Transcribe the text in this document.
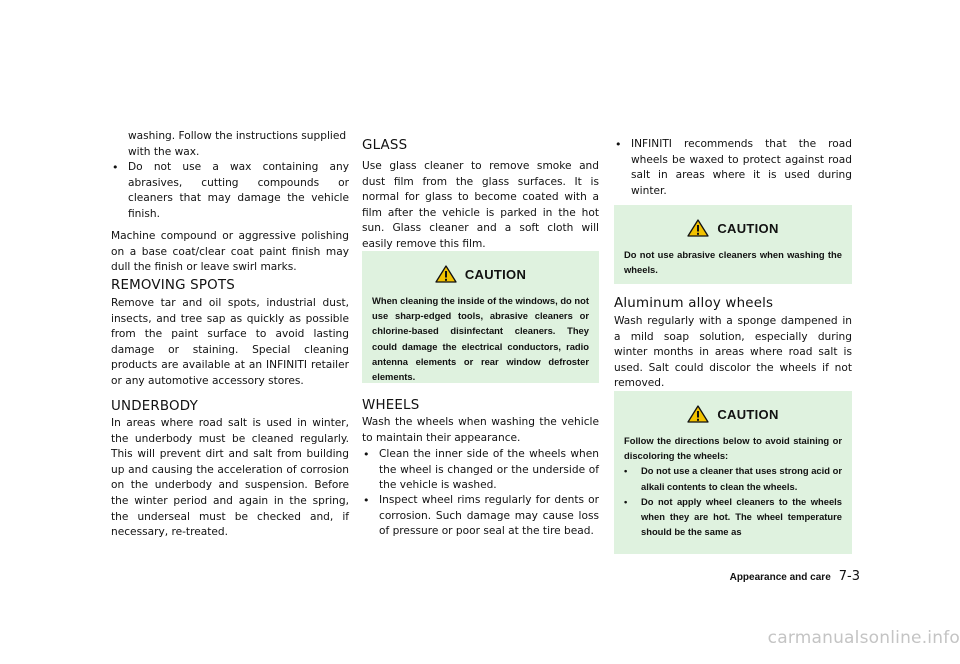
washing. Follow the instructions supplied with the wax.
• Do not use a wax containing any abrasives, cutting compounds or cleaners that may damage the vehicle finish.
Machine compound or aggressive polishing on a base coat/clear coat paint finish may dull the finish or leave swirl marks.
REMOVING SPOTS
Remove tar and oil spots, industrial dust, insects, and tree sap as quickly as possible from the paint surface to avoid lasting damage or staining. Special cleaning products are available at an INFINITI retailer or any automotive accessory stores.
UNDERBODY
In areas where road salt is used in winter, the underbody must be cleaned regularly. This will prevent dirt and salt from building up and causing the acceleration of corrosion on the underbody and suspension. Before the winter period and again in the spring, the underseal must be checked and, if necessary, re-treated.
GLASS
Use glass cleaner to remove smoke and dust film from the glass surfaces. It is normal for glass to become coated with a film after the vehicle is parked in the hot sun. Glass cleaner and a soft cloth will easily remove this film.
CAUTION
When cleaning the inside of the windows, do not use sharp-edged tools, abrasive cleaners or chlorine-based disinfectant cleaners. They could damage the electrical conductors, radio antenna elements or rear window defroster elements.
WHEELS
Wash the wheels when washing the vehicle to maintain their appearance.
• Clean the inner side of the wheels when the wheel is changed or the underside of the vehicle is washed.
• Inspect wheel rims regularly for dents or corrosion. Such damage may cause loss of pressure or poor seal at the tire bead.
• INFINITI recommends that the road wheels be waxed to protect against road salt in areas where it is used during winter.
CAUTION
Do not use abrasive cleaners when washing the wheels.
Aluminum alloy wheels
Wash regularly with a sponge dampened in a mild soap solution, especially during winter months in areas where road salt is used. Salt could discolor the wheels if not removed.
CAUTION
Follow the directions below to avoid staining or discoloring the wheels:
• Do not use a cleaner that uses strong acid or alkali contents to clean the wheels.
• Do not apply wheel cleaners to the wheels when they are hot. The wheel temperature should be the same as
Appearance and care 7-3
carmanualsonline.info
